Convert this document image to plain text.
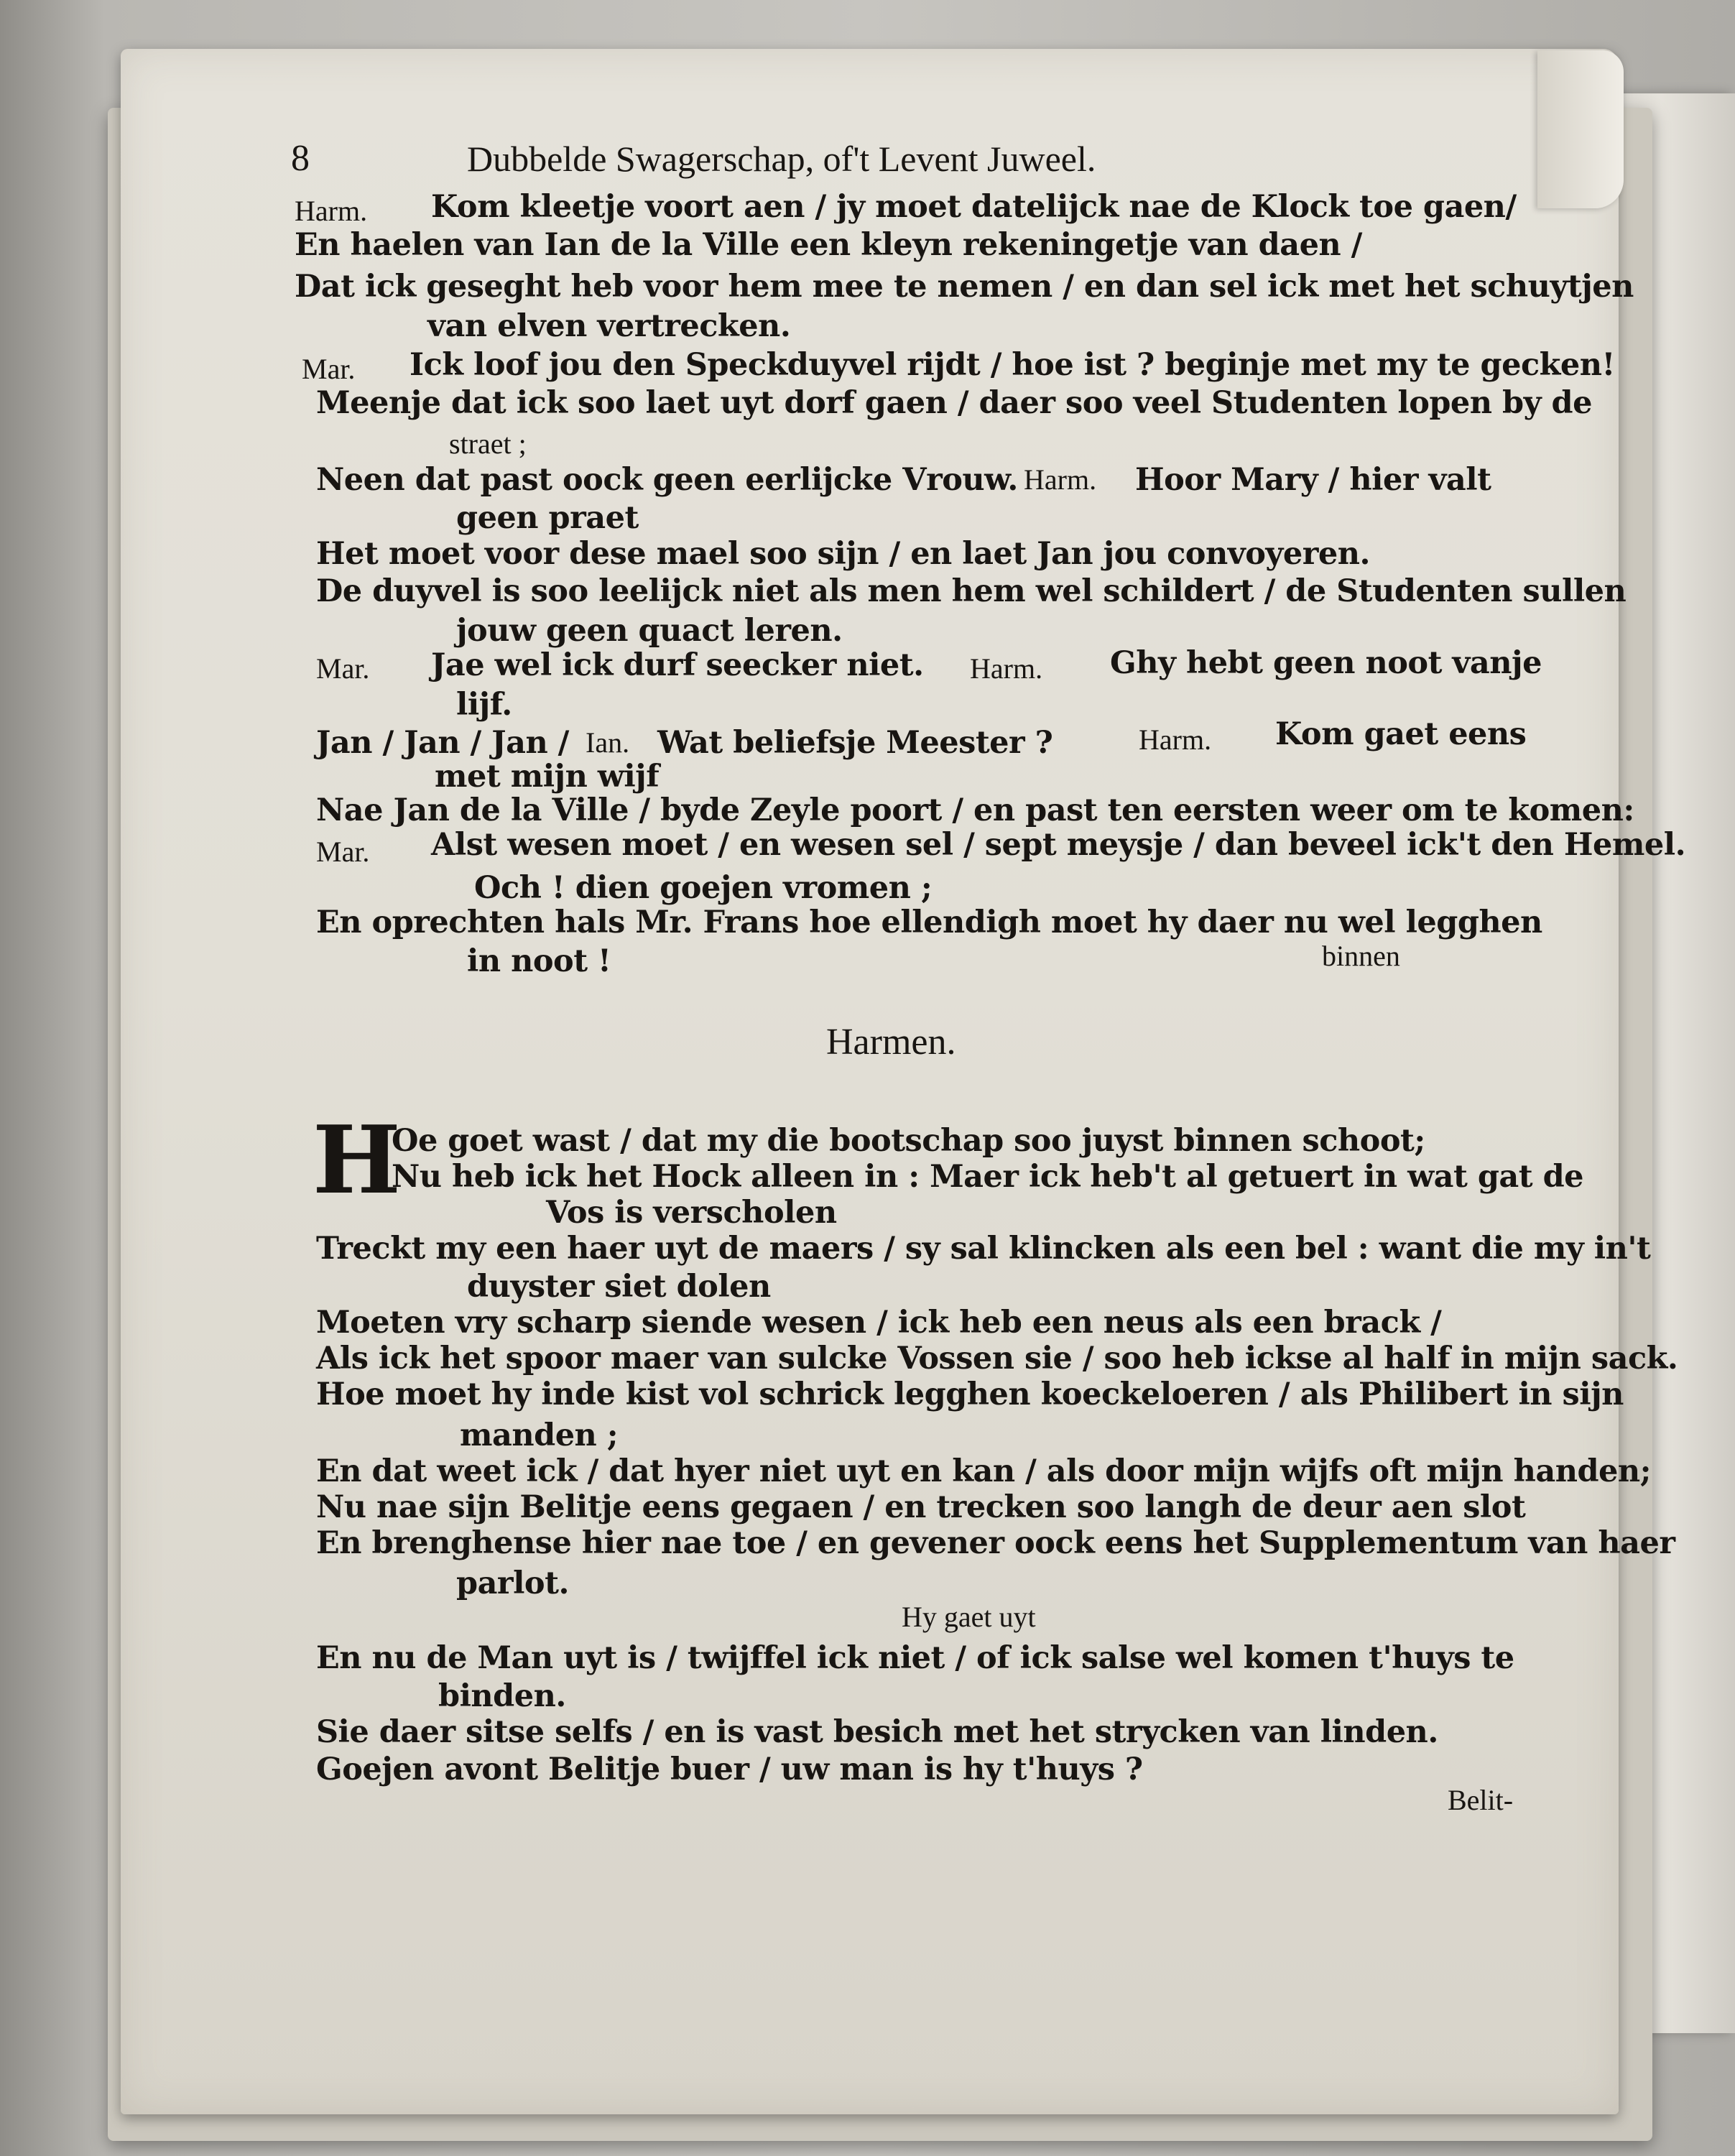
8	Dubbelde Swagerschap, of't Levent Juweel.
Harm. Kom kleetje voort aen / jy moet datelijck nae de Klock toe gaen/
En haelen van Ian de la Ville een kleyn rekeningetje van daen /
Dat ick geseght heb voor hem mee te nemen / en dan sel ick met het schuytjen
van elven vertrecken.
Mar. Ick loof jou den Speckduyvel rijdt / hoe ist ? beginje met my te gecken!
Meenje dat ick soo laet uyt dorf gaen / daer soo veel Studenten lopen by de
straet ;
Neen dat past oock geen eerlijcke Vrouw. Harm. Hoor Mary / hier valt
geen praet
Het moet voor dese mael soo sijn / en laet Jan jou convoyeren.
De duyvel is soo leelijck niet als men hem wel schildert / de Studenten sullen
jouw geen quact leren.
Mar. Jae wel ick durf seecker niet. Harm. Ghy hebt geen noot vanje
lijf.
Jan / Jan / Jan / Ian. Wat beliefsje Meester ?	Harm. Kom gaet eens
met mijn wijf
Nae Jan de la Ville / byde Zeyle poort / en past ten eersten weer om te komen:
Mar. Alst wesen moet / en wesen sel / sept meysje / dan beveel ick't den Hemel.
Och ! dien goejen vromen ;
En oprechten hals Mr. Frans hoe ellendigh moet hy daer nu wel legghen
in noot !	binnen
Harmen.
H
Oe goet wast / dat my die bootschap soo juyst binnen schoot;
Nu heb ick het Hock alleen in : Maer ick heb't al getuert in wat gat de
Vos is verscholen
Treckt my een haer uyt de maers / sy sal klincken als een bel : want die my in't
duyster siet dolen
Moeten vry scharp siende wesen / ick heb een neus als een brack /
Als ick het spoor maer van sulcke Vossen sie / soo heb ickse al half in mijn sack.
Hoe moet hy inde kist vol schrick legghen koeckeloeren / als Philibert in sijn
manden ;
En dat weet ick / dat hyer niet uyt en kan / als door mijn wijfs oft mijn handen;
Nu nae sijn Belitje eens gegaen / en trecken soo langh de deur aen slot
En brenghense hier nae toe / en gevener oock eens het Supplementum van haer
parlot.
Hy gaet uyt
En nu de Man uyt is / twijffel ick niet / of ick salse wel komen t'huys te
binden.
Sie daer sitse selfs / en is vast besich met het strycken van linden.
Goejen avont Belitje buer / uw man is hy t'huys ?
Belit-
